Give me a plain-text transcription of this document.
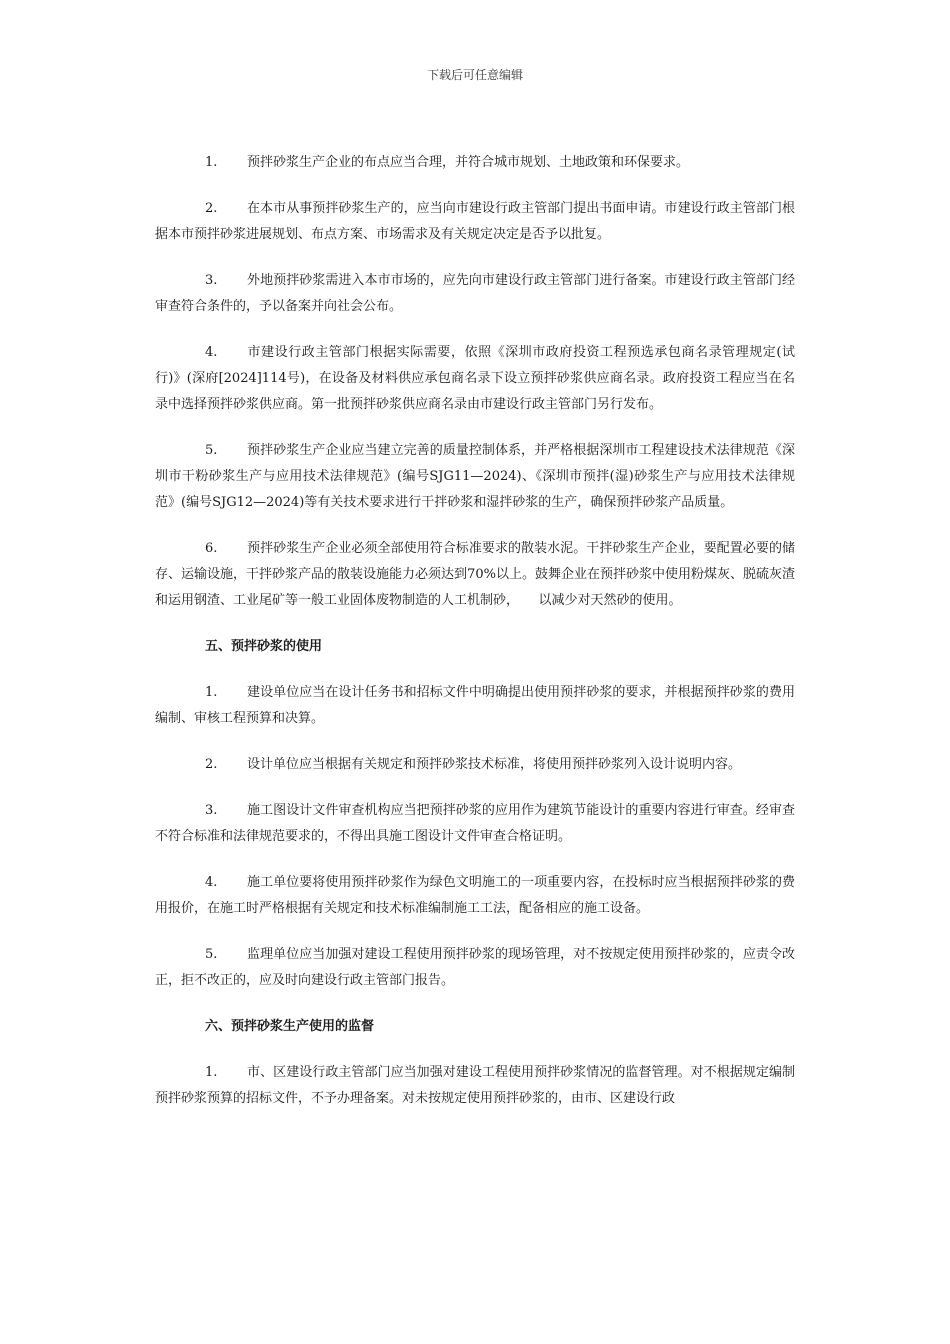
下载后可任意编辑

1. 预拌砂浆生产企业的布点应当合理，并符合城市规划、土地政策和环保要求。

2. 在本市从事预拌砂浆生产的，应当向市建设行政主管部门提出书面申请。市建设行政主管部门根据本市预拌砂浆进展规划、布点方案、市场需求及有关规定决定是否予以批复。

3. 外地预拌砂浆需进入本市市场的，应先向市建设行政主管部门进行备案。市建设行政主管部门经审查符合条件的，予以备案并向社会公布。

4. 市建设行政主管部门根据实际需要，依照《深圳市政府投资工程预选承包商名录管理规定(试行)》(深府[2024]114号)，在设备及材料供应承包商名录下设立预拌砂浆供应商名录。政府投资工程应当在名录中选择预拌砂浆供应商。第一批预拌砂浆供应商名录由市建设行政主管部门另行发布。

5. 预拌砂浆生产企业应当建立完善的质量控制体系，并严格根据深圳市工程建设技术法律规范《深圳市干粉砂浆生产与应用技术法律规范》(编号SJG11—2024)、《深圳市预拌(湿)砂浆生产与应用技术法律规范》(编号SJG12—2024)等有关技术要求进行干拌砂浆和湿拌砂浆的生产，确保预拌砂浆产品质量。

6. 预拌砂浆生产企业必须全部使用符合标准要求的散装水泥。干拌砂浆生产企业，要配置必要的储存、运输设施，干拌砂浆产品的散装设施能力必须达到70%以上。鼓舞企业在预拌砂浆中使用粉煤灰、脱硫灰渣和运用钢渣、工业尾矿等一般工业固体废物制造的人工机制砂，　　以减少对天然砂的使用。

五、预拌砂浆的使用

1. 建设单位应当在设计任务书和招标文件中明确提出使用预拌砂浆的要求，并根据预拌砂浆的费用编制、审核工程预算和决算。

2. 设计单位应当根据有关规定和预拌砂浆技术标准，将使用预拌砂浆列入设计说明内容。

3. 施工图设计文件审查机构应当把预拌砂浆的应用作为建筑节能设计的重要内容进行审查。经审查不符合标准和法律规范要求的，不得出具施工图设计文件审查合格证明。

4. 施工单位要将使用预拌砂浆作为绿色文明施工的一项重要内容，在投标时应当根据预拌砂浆的费用报价，在施工时严格根据有关规定和技术标准编制施工工法，配备相应的施工设备。

5. 监理单位应当加强对建设工程使用预拌砂浆的现场管理，对不按规定使用预拌砂浆的，应责令改正，拒不改正的，应及时向建设行政主管部门报告。

六、预拌砂浆生产使用的监督

1. 市、区建设行政主管部门应当加强对建设工程使用预拌砂浆情况的监督管理。对不根据规定编制预拌砂浆预算的招标文件，不予办理备案。对未按规定使用预拌砂浆的，由市、区建设行政
